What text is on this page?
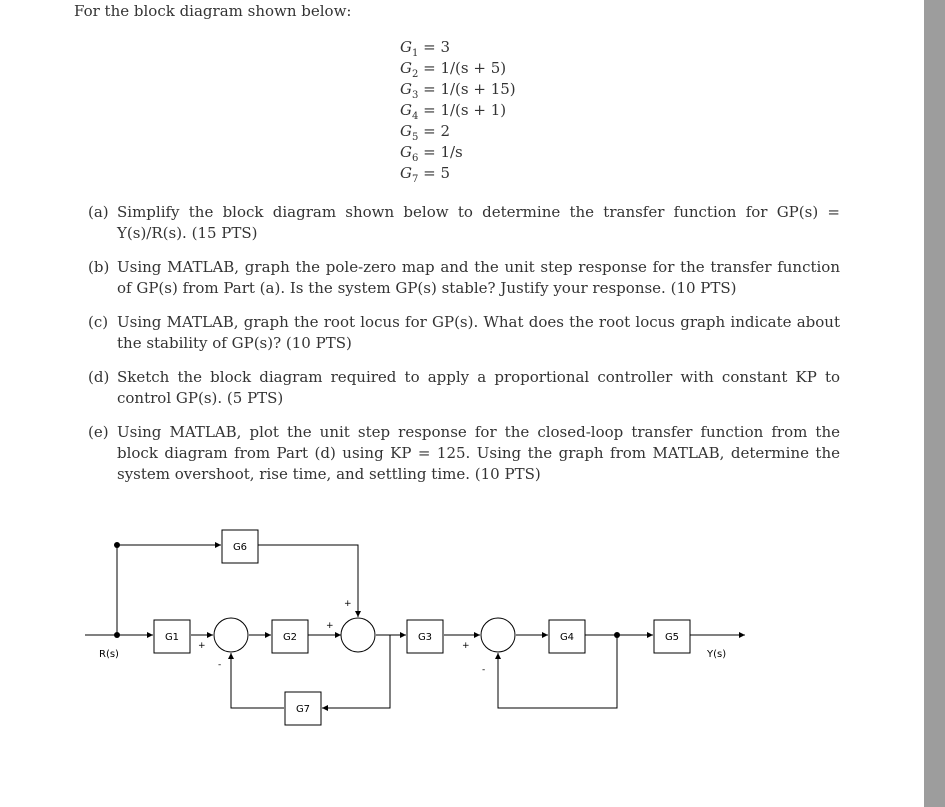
For the block diagram shown below:
$G_1 = 3$
$G_2 = 1/(s + 5)$
$G_3 = 1/(s + 15)$
$G_4 = 1/(s + 1)$
$G_5 = 2$
$G_6 = 1/s$
$G_7 = 5$
(a) Simplify the block diagram shown below to determine the transfer function for GP(s) = Y(s)/R(s). (15 PTS)
(b) Using MATLAB, graph the pole-zero map and the unit step response for the transfer function of GP(s) from Part (a). Is the system GP(s) stable? Justify your response. (10 PTS)
(c) Using MATLAB, graph the root locus for GP(s). What does the root locus graph indicate about the stability of GP(s)? (10 PTS)
(d) Sketch the block diagram required to apply a proportional controller with constant KP to control GP(s). (5 PTS)
(e) Using MATLAB, plot the unit step response for the closed-loop transfer function from the block diagram from Part (d) using KP = 125. Using the graph from MATLAB, determine the system overshoot, rise time, and settling time. (10 PTS)
G1	G2	G3	G4	G5
G6
G7
R(s)	Y(s)
+
-
+
+
+
-
